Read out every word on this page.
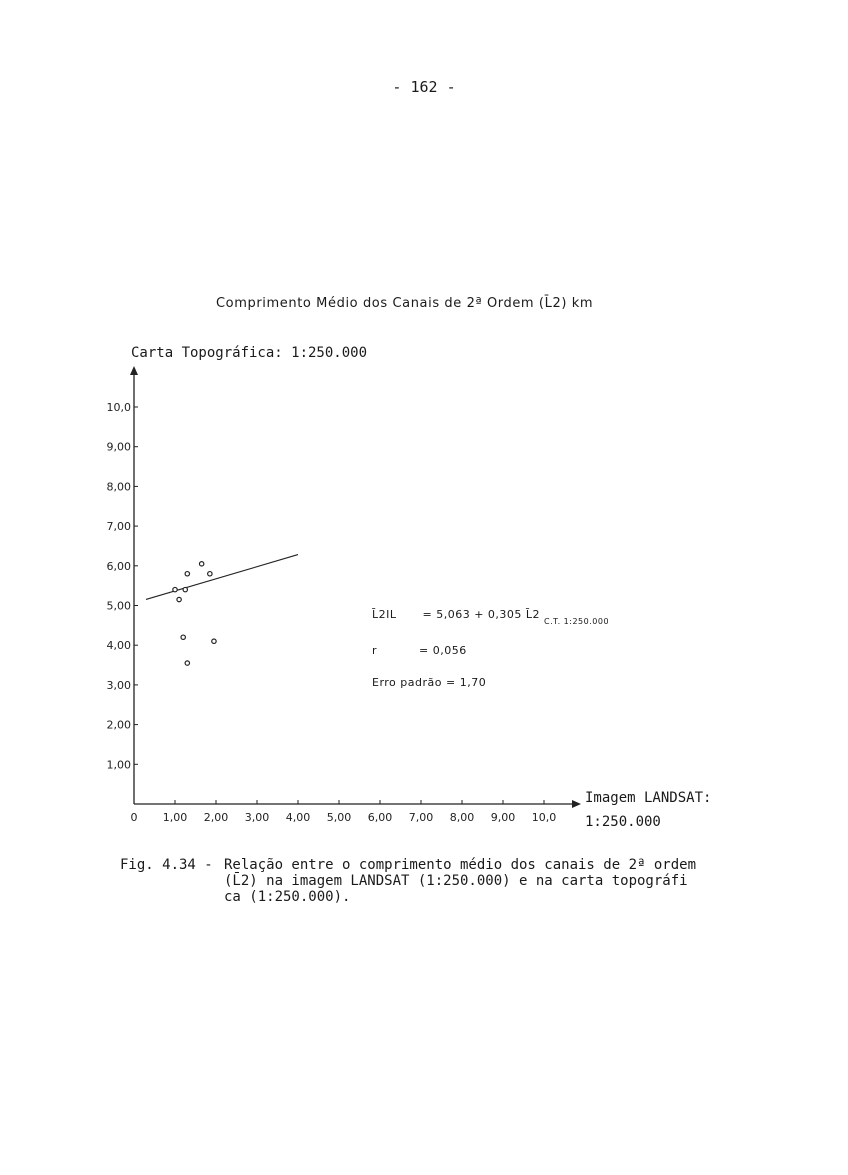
- 162 -
Comprimento Médio dos Canais de 2ª Ordem (L̄2) km
Carta Topográfica: 1:250.000
Imagem LANDSAT: 1:250.000
0 1,00 2,00 3,00 4,00 5,00 6,00 7,00 8,00 9,00 10,0
1,00
2,00
3,00
4,00
5,00
6,00
7,00
8,00
9,00
10,0
L̄2IL = 5,063 + 0,305 L̄2 $_{C.T. 1:250.000}$
r	= 0,056
Erro padrão = 1,70
Fig. 4.34 - Relação entre o comprimento médio dos canais de 2ª ordem
(L̄2) na imagem LANDSAT (1:250.000) e na carta topográfi
ca (1:250.000).
